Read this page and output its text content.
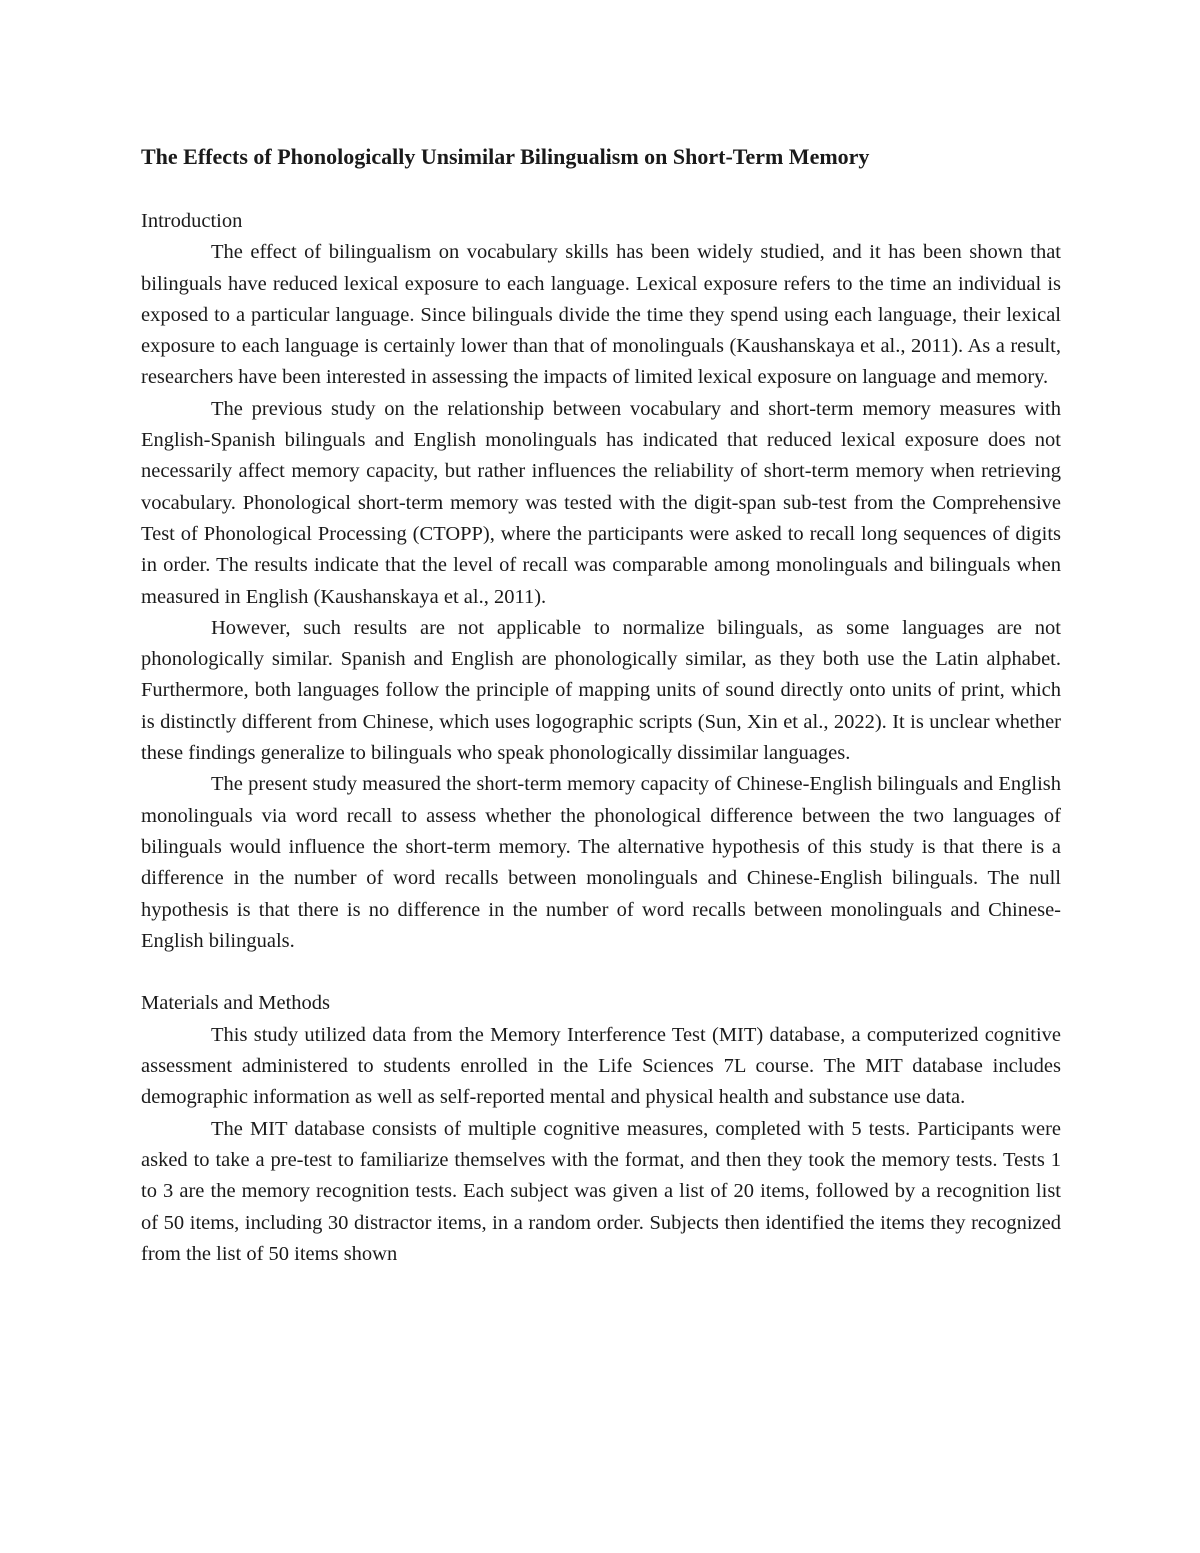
The Effects of Phonologically Unsimilar Bilingualism on Short-Term Memory

Introduction

The effect of bilingualism on vocabulary skills has been widely studied, and it has been shown that bilinguals have reduced lexical exposure to each language. Lexical exposure refers to the time an individual is exposed to a particular language. Since bilinguals divide the time they spend using each language, their lexical exposure to each language is certainly lower than that of monolinguals (Kaushanskaya et al., 2011). As a result, researchers have been interested in assessing the impacts of limited lexical exposure on language and memory.

The previous study on the relationship between vocabulary and short-term memory measures with English-Spanish bilinguals and English monolinguals has indicated that reduced lexical exposure does not necessarily affect memory capacity, but rather influences the reliability of short-term memory when retrieving vocabulary. Phonological short-term memory was tested with the digit-span sub-test from the Comprehensive Test of Phonological Processing (CTOPP), where the participants were asked to recall long sequences of digits in order. The results indicate that the level of recall was comparable among monolinguals and bilinguals when measured in English (Kaushanskaya et al., 2011).

However, such results are not applicable to normalize bilinguals, as some languages are not phonologically similar. Spanish and English are phonologically similar, as they both use the Latin alphabet. Furthermore, both languages follow the principle of mapping units of sound directly onto units of print, which is distinctly different from Chinese, which uses logographic scripts (Sun, Xin et al., 2022). It is unclear whether these findings generalize to bilinguals who speak phonologically dissimilar languages.

The present study measured the short-term memory capacity of Chinese-English bilinguals and English monolinguals via word recall to assess whether the phonological difference between the two languages of bilinguals would influence the short-term memory. The alternative hypothesis of this study is that there is a difference in the number of word recalls between monolinguals and Chinese-English bilinguals. The null hypothesis is that there is no difference in the number of word recalls between monolinguals and Chinese-English bilinguals.

Materials and Methods

This study utilized data from the Memory Interference Test (MIT) database, a computerized cognitive assessment administered to students enrolled in the Life Sciences 7L course. The MIT database includes demographic information as well as self-reported mental and physical health and substance use data.

The MIT database consists of multiple cognitive measures, completed with 5 tests. Participants were asked to take a pre-test to familiarize themselves with the format, and then they took the memory tests. Tests 1 to 3 are the memory recognition tests. Each subject was given a list of 20 items, followed by a recognition list of 50 items, including 30 distractor items, in a random order. Subjects then identified the items they recognized from the list of 50 items shown
